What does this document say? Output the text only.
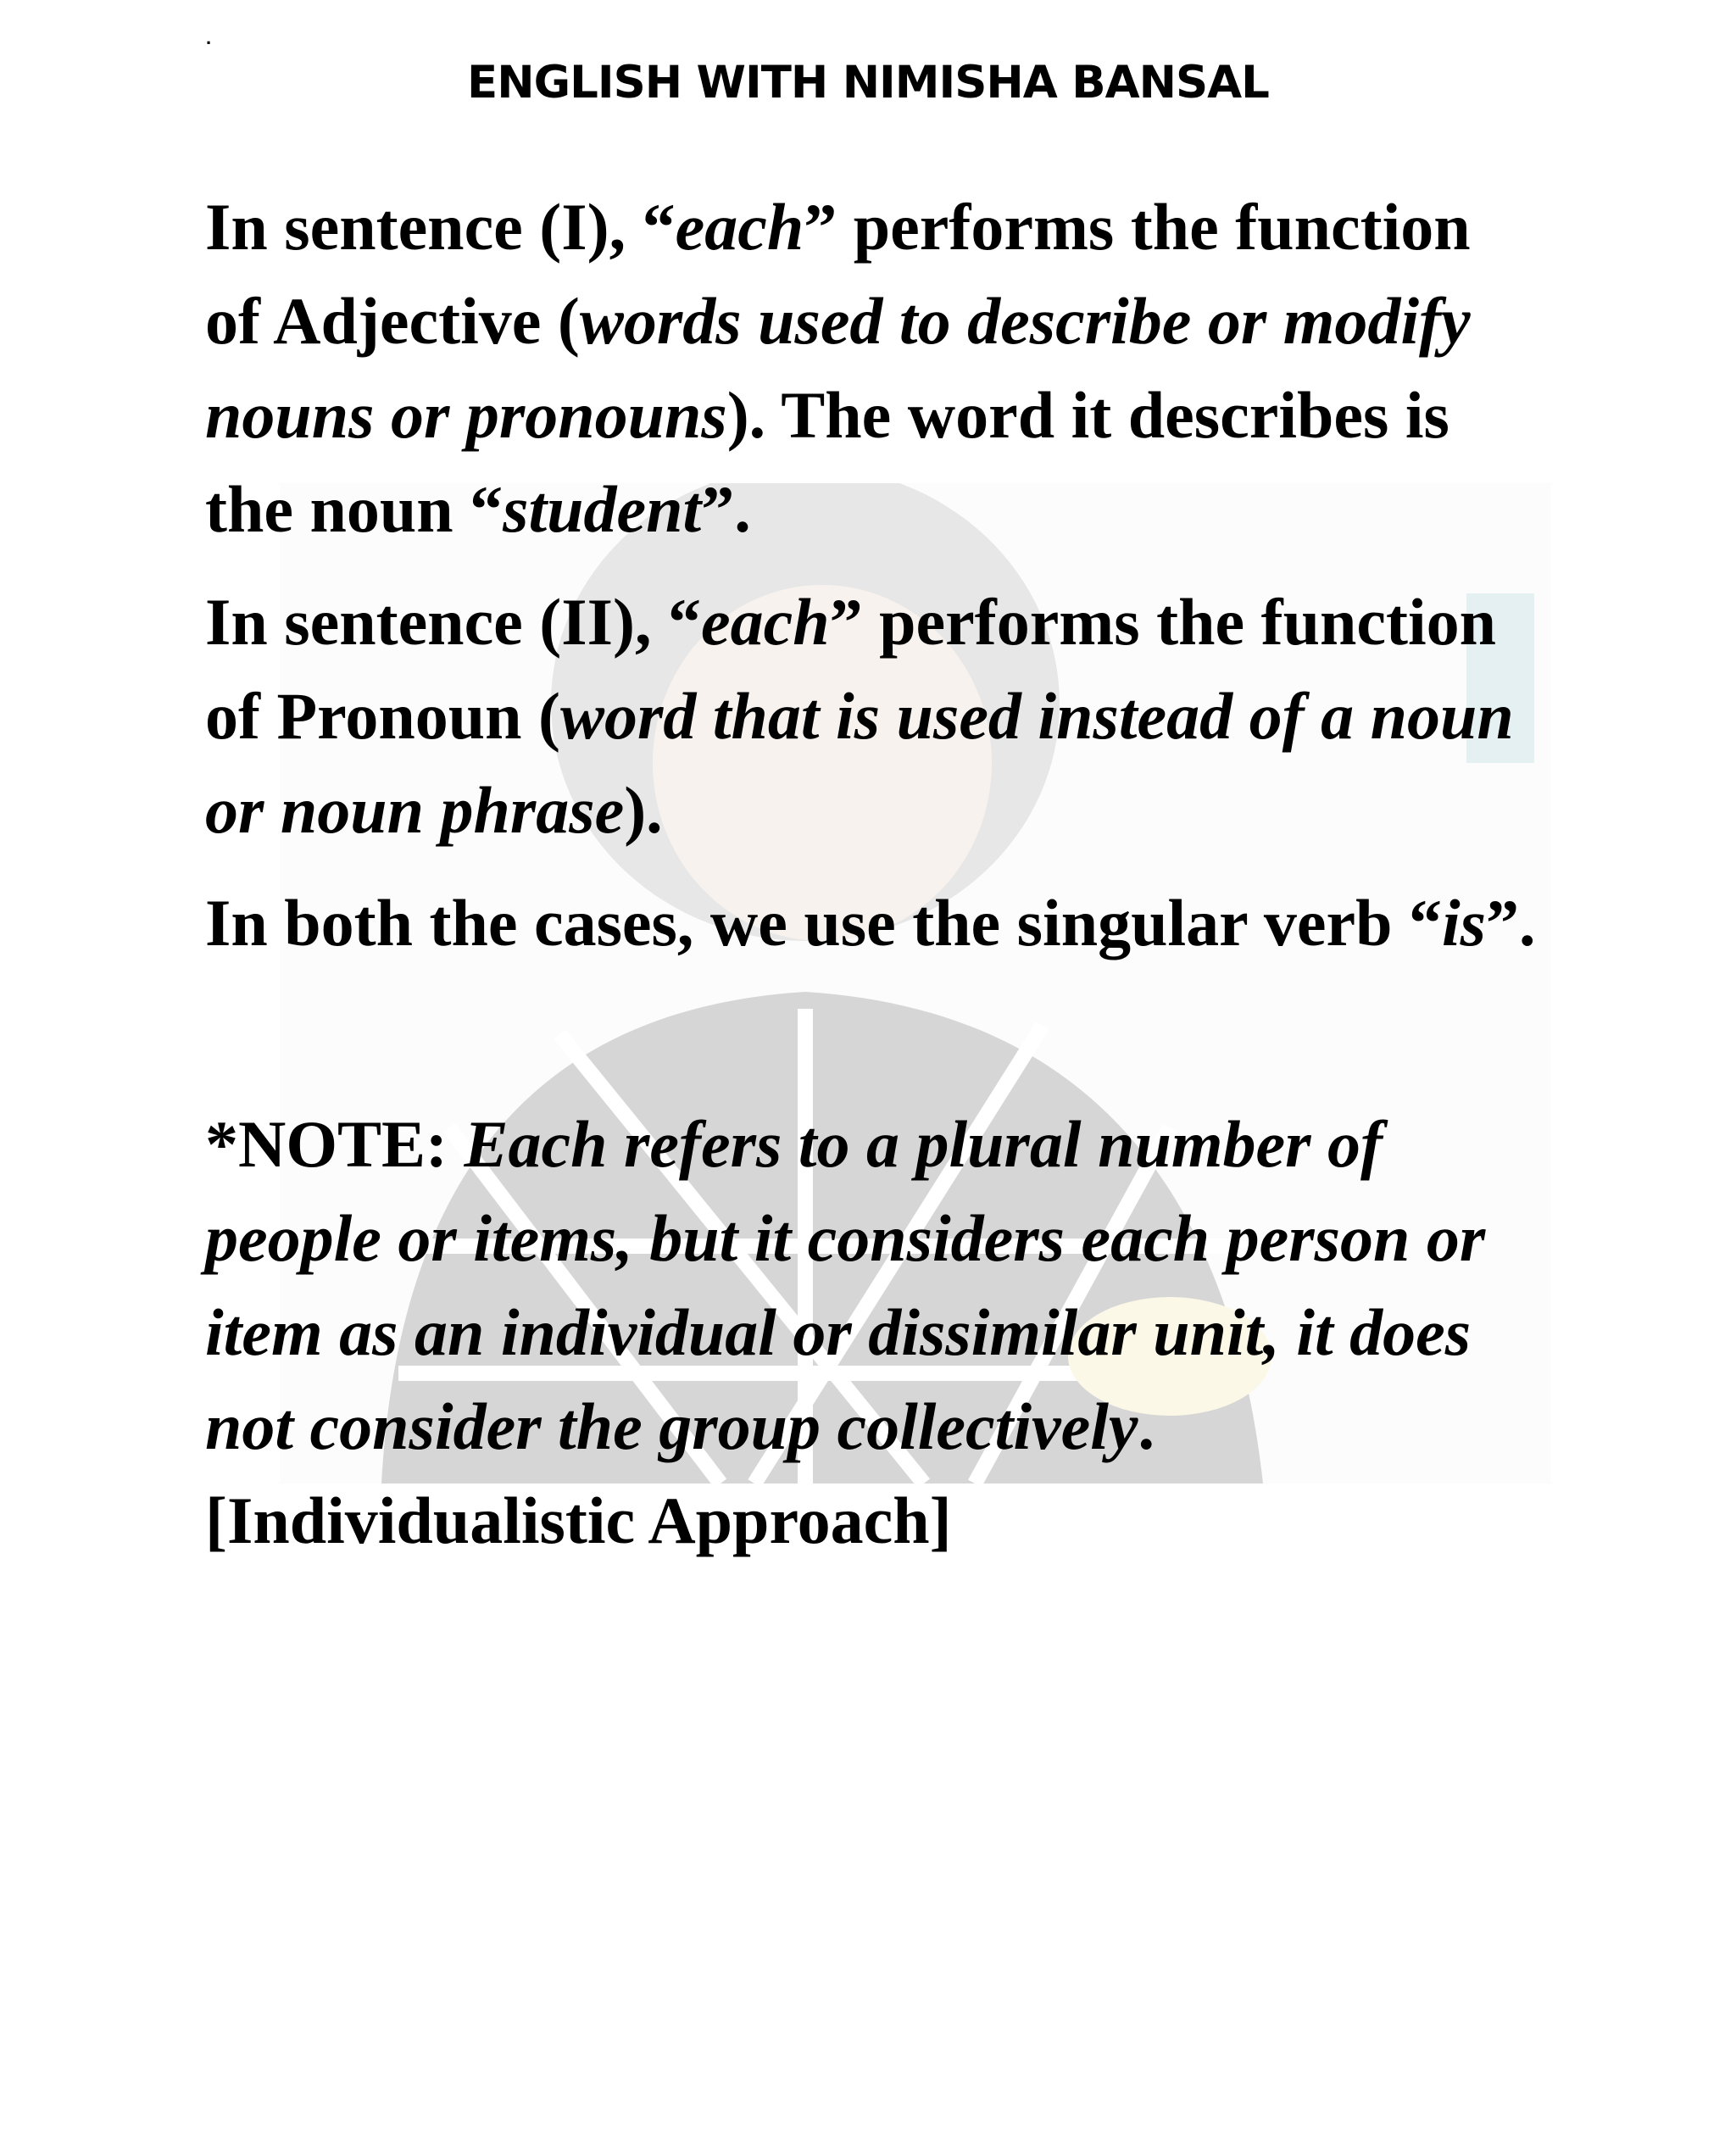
.
ENGLISH WITH NIMISHA BANSAL

In sentence (I), “each” performs the function of Adjective (words used to describe or modify nouns or pronouns). The word it describes is the noun “student”.

In sentence (II), “each” performs the function of Pronoun (word that is used instead of a noun or noun phrase).

In both the cases, we use the singular verb “is”.

*NOTE: Each refers to a plural number of people or items, but it considers each person or item as an individual or dissimilar unit, it does not consider the group collectively.
[Individualistic Approach]
